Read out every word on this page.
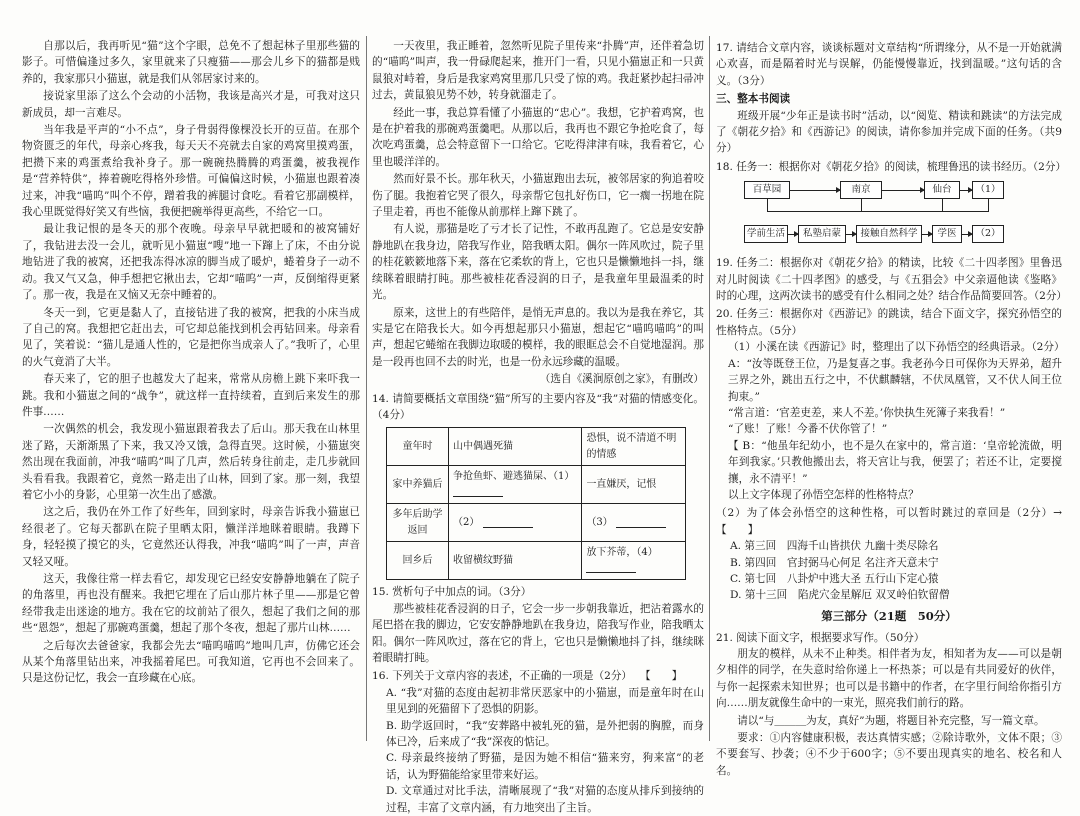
自那以后，我再听见“猫”这个字眼，总免不了想起林子里那些猫的影子。可惜偏逢过多久，家里就来了只瘦猫——那会儿乡下的猫都是贱养的，我家那只小猫崽，就是我们从邻居家讨来的。

接说家里添了这么个会动的小活物，我该是高兴才是，可我对这只新成员，却一言难尽。

当年我是平声的“小不点”，身子骨弱得像棵没长开的豆苗。在那个物资匮乏的年代，母亲心疼我，每天天不亮就去自家的鸡窝里摸鸡蛋，把攒下来的鸡蛋煮给我补身子。那一碗碗热腾腾的鸡蛋羹，被我视作是“营养特供”，捧着碗吃得格外珍惜。可偏偏这时候，小猫崽也跟着凑过来，冲我“喵呜”叫个不停，蹭着我的裤腿讨食吃。看着它那副模样，我心里既觉得好笑又有些恼，我便把碗举得更高些，不给它一口。

最让我记恨的是冬天的那个夜晚。母亲早早就把暖和的被窝铺好了，我钻进去没一会儿，就听见小猫崽“嗖”地一下蹿上了床，不由分说地钻进了我的被窝，还把我冻得冰凉的脚当成了暖炉，蜷着身子一动不动。我又气又急，伸手想把它揪出去，它却“喵呜”一声，反倒缩得更紧了。那一夜，我是在又恼又无奈中睡着的。

冬天一到，它更是黏人了，直接钻进了我的被窝，把我的小床当成了自己的窝。我想把它赶出去，可它却总能找到机会再钻回来。母亲看见了，笑着说：“猫儿是通人性的，它是把你当成亲人了。”我听了，心里的火气竟消了大半。

春天来了，它的胆子也越发大了起来，常常从房檐上跳下来吓我一跳。我和小猫崽之间的“战争”，就这样一直持续着，直到后来发生的那件事……

一次偶然的机会，我发现小猫崽跟着我去了后山。那天我在山林里迷了路，天渐渐黑了下来，我又冷又饿，急得直哭。这时候，小猫崽突然出现在我面前，冲我“喵呜”叫了几声，然后转身往前走，走几步就回头看看我。我跟着它，竟然一路走出了山林，回到了家。那一刻，我望着它小小的身影，心里第一次生出了感激。

这之后，我仍在外工作了好些年，回到家时，母亲告诉我小猫崽已经很老了。它每天都趴在院子里晒太阳，懒洋洋地眯着眼睛。我蹲下身，轻轻摸了摸它的头，它竟然还认得我，冲我“喵呜”叫了一声，声音又轻又哑。

这天，我像往常一样去看它，却发现它已经安安静静地躺在了院子的角落里，再也没有醒来。我把它埋在了后山那片林子里——那是它曾经带我走出迷途的地方。我在它的坟前站了很久，想起了我们之间的那些“恩怨”，想起了那碗鸡蛋羹，想起了那个冬夜，想起了那片山林……

之后每次去爸爸家，我都会先去“喵呜喵呜”地叫几声，仿佛它还会从某个角落里钻出来，冲我摇着尾巴。可我知道，它再也不会回来了。只是这份记忆，我会一直珍藏在心底。

一天夜里，我正睡着，忽然听见院子里传来“扑腾”声，还伴着急切的“喵呜”叫声，我一骨碌爬起来，推开门一看，只见小猫崽正和一只黄鼠狼对峙着，身后是我家鸡窝里那几只受了惊的鸡。我赶紧抄起扫帚冲过去，黄鼠狼见势不妙，转身就溜走了。

经此一事，我总算看懂了小猫崽的“忠心”。我想，它护着鸡窝，也是在护着我的那碗鸡蛋羹吧。从那以后，我再也不跟它争抢吃食了，每次吃鸡蛋羹，总会特意留下一口给它。它吃得津津有味，我看着它，心里也暖洋洋的。

然而好景不长。那年秋天，小猫崽跑出去玩，被邻居家的狗追着咬伤了腿。我抱着它哭了很久，母亲帮它包扎好伤口，它一瘸一拐地在院子里走着，再也不能像从前那样上蹿下跳了。

有人说，那猫是吃了亏才长了记性，不敢再乱跑了。它总是安安静静地趴在我身边，陪我写作业，陪我晒太阳。偶尔一阵风吹过，院子里的桂花簌簌地落下来，落在它柔软的背上，它也只是懒懒地抖一抖，继续眯着眼睛打盹。那些被桂花香浸润的日子，是我童年里最温柔的时光。

原来，这世上的有些陪伴，是悄无声息的。我以为是我在养它，其实是它在陪我长大。如今再想起那只小猫崽，想起它“喵呜喵呜”的叫声，想起它蜷缩在我脚边取暖的模样，我的眼眶总会不自觉地湿润。那是一段再也回不去的时光，也是一份永远珍藏的温暖。

（选自《溪涧原创之家》，有删改）
14. 请简要概括文章围绕“猫”所写的主要内容及“我”对猫的情感变化。（4分）
童年时	山中偶遇死猫	恐惧，说不清道不明的情感
家中养猫后	争抢鱼虾、避逃猫屎、（1）	一直嫌厌，记恨
多年后助学返回	（2）	（3）
回乡后	收留横纹野猫	放下芥蒂，（4）
15. 赏析句子中加点的词。（3分）

那些被桂花香浸润的日子，它会一步一步朝我靠近，把沾着露水的尾巴搭在我的脚边，它安安静静地趴在我身边，陪我写作业，陪我晒太阳。偶尔一阵风吹过，落在它的背上，它也只是懒懒地抖了抖，继续眯着眼睛打盹。

16. 下列关于文章内容的表述，不正确的一项是（2分） 【　　】
A. “我”对猫的态度由起初非常厌恶家中的小猫崽，而是童年时在山里见到的死猫留下了恐惧的阴影。
B. 助学返回时，“我”安葬路中被轧死的猫，是外把弱的胸膛，而身体已冷，后来成了“我”深夜的惦记。
C. 母亲最终接纳了野猫，是因为她不相信“猫来穷，狗来富”的老话，认为野猫能给家里带来好运。
D. 文章通过对比手法，清晰展现了“我”对猫的态度从排斥到接纳的过程，丰富了文章内涵，有力地突出了主旨。
17. 请结合文章内容，谈谈标题对文章结构“所谓缘分，从不是一开始就满心欢喜，而是隔着时光与误解，仍能慢慢靠近，找到温暖。”这句话的含义。（3分）
三、整本书阅读

班级开展“少年正是读书时”活动，以“阅览、精读和跳读”的方法完成了《朝花夕拾》和《西游记》的阅读，请你参加并完成下面的任务。（共9分）

18. 任务一：根据你对《朝花夕拾》的阅读，梳理鲁迅的读书经历。（2分）
百草园	南京	仙台	（1）
学前生活	私塾启蒙	接触自然科学	学医	（2）
19. 任务二：根据你对《朝花夕拾》的精读，比较《二十四孝图》里鲁迅对儿时阅读《二十四孝图》的感受，与《五猖会》中父亲逼他读《鉴略》时的心理，这两次读书的感受有什么相同之处？结合作品简要回答。（2分）
20. 任务三：根据你对《西游记》的跳读，结合下面文字，探究孙悟空的性格特点。（5分）
（1）小溪在读《西游记》时，整理出了以下孙悟空的经典语录。（2分）
A：“汝等既登王位，乃是复喜之事。我老孙今日可保你为天界弟，超升三界之外，跳出五行之中，不伏麒麟辖，不伏凤凰管，又不伏人间王位拘束。”
“常言道：‘官差吏差，来人不差。’你快执生死簿子来我看！”
“了账！了账！今番不伏你管了！”
【 B：“他虽年纪幼小，也不是久在家中的，常言道：‘皇帝轮流做，明年到我家。’只教他搬出去，将天宫让与我，便罢了；若还不让，定要搅攘，永不清平！”
以上文字体现了孙悟空怎样的性格特点？
（2）为了体会孙悟空的这种性格，可以暂时跳过的章回是（2分）→【　　】
A. 第三回　四海千山皆拱伏 九幽十类尽除名
B. 第四回　官封弼马心何足 名注齐天意未宁
C. 第七回　八卦炉中逃大圣 五行山下定心猿
D. 第十三回　陷虎穴金星解厄 双叉岭伯钦留僧
第三部分（21题　50分）
21. 阅读下面文字，根据要求写作。（50分）

朋友的模样，从未不止种类。相伴者为友，相知者为友——可以是朝夕相伴的同学，在失意时给你递上一杯热茶；可以是有共同爱好的伙伴，与你一起探索未知世界；也可以是书籍中的作者，在字里行间给你指引方向……朋友就像生命中的一束光，照亮我们前行的路。

请以“与＿＿＿为友，真好”为题，将题目补充完整，写一篇文章。

要求：①内容健康积极，表达真情实感；②除诗歌外，文体不限；③不要套写、抄袭；④不少于600字；⑤不要出现真实的地名、校名和人名。
